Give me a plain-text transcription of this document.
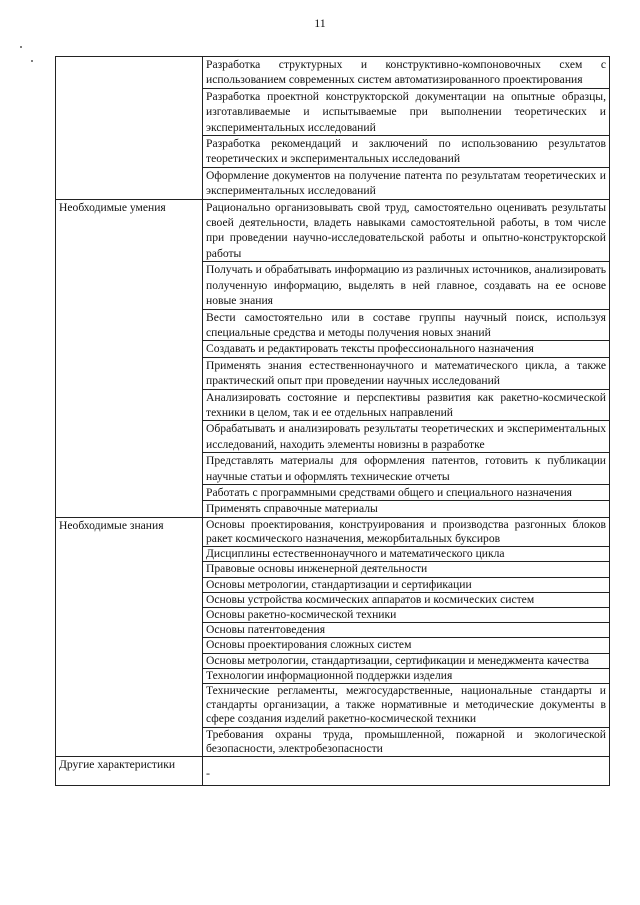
11
	Разработка структурных и конструктивно-компоновочных схем с использованием современных систем автоматизированного проектирования
	Разработка проектной конструкторской документации на опытные образцы, изготавливаемые и испытываемые при выполнении теоретических и экспериментальных исследований
	Разработка рекомендаций и заключений по использованию результатов теоретических и экспериментальных исследований
	Оформление документов на получение патента по результатам теоретических и экспериментальных исследований
Необходимые умения	Рационально организовывать свой труд, самостоятельно оценивать результаты своей деятельности, владеть навыками самостоятельной работы, в том числе при проведении научно-исследовательской работы и опытно-конструкторской работы
	Получать и обрабатывать информацию из различных источников, анализировать полученную информацию, выделять в ней главное, создавать на ее основе новые знания
	Вести самостоятельно или в составе группы научный поиск, используя специальные средства и методы получения новых знаний
	Создавать и редактировать тексты профессионального назначения
	Применять знания естественнонаучного и математического цикла, а также практический опыт при проведении научных исследований
	Анализировать состояние и перспективы развития как ракетно-космической техники в целом, так и ее отдельных направлений
	Обрабатывать и анализировать результаты теоретических и экспериментальных исследований, находить элементы новизны в разработке
	Представлять материалы для оформления патентов, готовить к публикации научные статьи и оформлять технические отчеты
	Работать с программными средствами общего и специального назначения
	Применять справочные материалы
Необходимые знания	Основы проектирования, конструирования и производства разгонных блоков ракет космического назначения, межорбитальных буксиров
	Дисциплины естественнонаучного и математического цикла
	Правовые основы инженерной деятельности
	Основы метрологии, стандартизации и сертификации
	Основы устройства космических аппаратов и космических систем
	Основы ракетно-космической техники
	Основы патентоведения
	Основы проектирования сложных систем
	Основы метрологии, стандартизации, сертификации и менеджмента качества
	Технологии информационной поддержки изделия
	Технические регламенты, межгосударственные, национальные стандарты и стандарты организации, а также нормативные и методические документы в сфере создания изделий ракетно-космической техники
	Требования охраны труда, промышленной, пожарной и экологической безопасности, электробезопасности
Другие характеристики	-
